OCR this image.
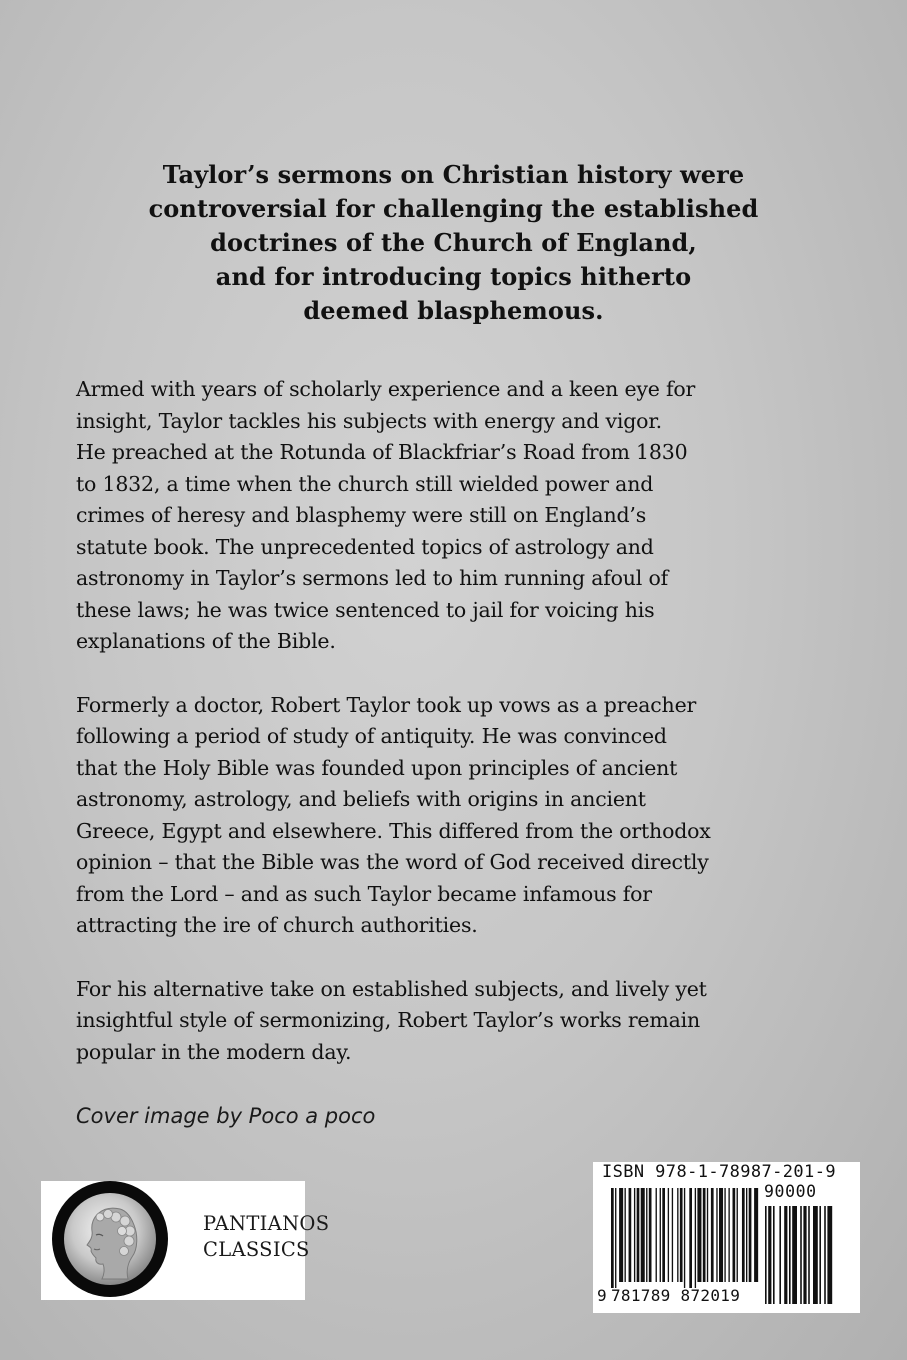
Taylor’s sermons on Christian history were
controversial for challenging the established
doctrines of the Church of England,
and for introducing topics hitherto
deemed blasphemous.

Armed with years of scholarly experience and a keen eye for
insight, Taylor tackles his subjects with energy and vigor.
He preached at the Rotunda of Blackfriar’s Road from 1830
to 1832, a time when the church still wielded power and
crimes of heresy and blasphemy were still on England’s
statute book. The unprecedented topics of astrology and
astronomy in Taylor’s sermons led to him running afoul of
these laws; he was twice sentenced to jail for voicing his
explanations of the Bible.

Formerly a doctor, Robert Taylor took up vows as a preacher
following a period of study of antiquity. He was convinced
that the Holy Bible was founded upon principles of ancient
astronomy, astrology, and beliefs with origins in ancient
Greece, Egypt and elsewhere. This differed from the orthodox
opinion – that the Bible was the word of God received directly
from the Lord – and as such Taylor became infamous for
attracting the ire of church authorities.

For his alternative take on established subjects, and lively yet
insightful style of sermonizing, Robert Taylor’s works remain
popular in the modern day.

Cover image by Poco a poco
PANTIANOS
CLASSICS
ISBN 978-1-78987-201-9
90000
9 781789 872019
